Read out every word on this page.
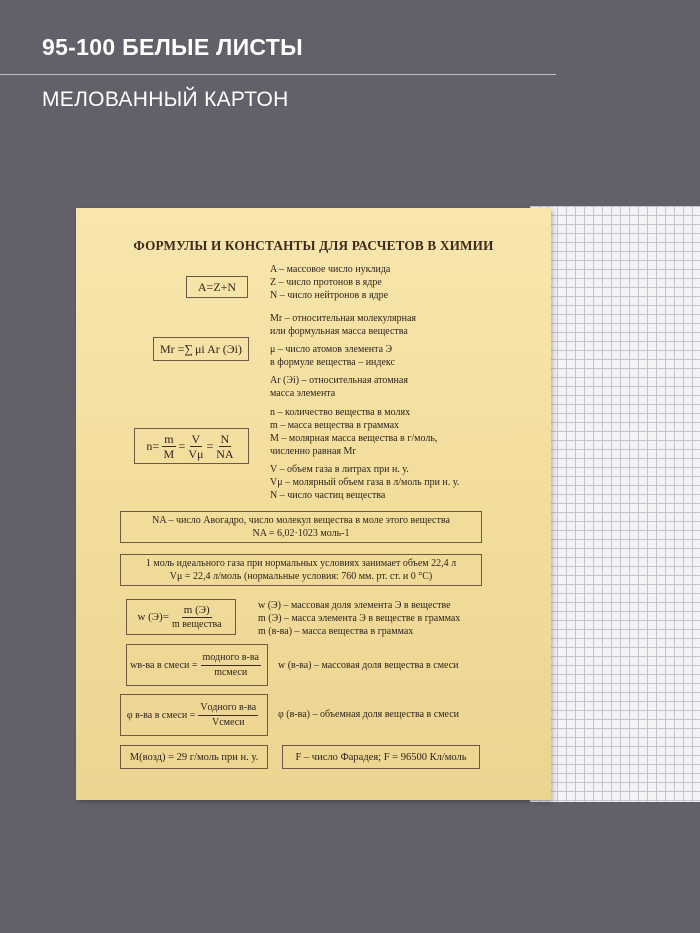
95-100 БЕЛЫЕ ЛИСТЫ
МЕЛОВАННЫЙ КАРТОН
ФОРМУЛЫ И КОНСТАНТЫ ДЛЯ РАСЧЕТОВ В ХИМИИ
A=Z+N
A – массовое число нуклида
Z – число протонов в ядре
N – число нейтронов в ядре
Mr =∑ μi Ar (Эi)
Mr – относительная молекулярная
или формульная масса вещества
μ – число атомов элемента Э
в формуле вещества – индекс
Ar (Эi) – относительная атомная
масса элемента
$n= \frac{m}{M} = \frac{V}{V\mu} = \frac{N}{NA}$
n – количество вещества в молях
m – масса вещества в граммах
M – молярная масса вещества в г/моль,
численно равная Mr
V – объем газа в литрах при н. у.
Vμ – молярный объем газа в л/моль при н. у.
N – число частиц вещества
NA – число Авогадро, число молекул вещества в моле этого вещества
NA = 6,02·1023 моль-1
1 моль идеального газа при нормальных условиях занимает объем 22,4 л
Vμ = 22,4 л/моль (нормальные условия: 760 мм. рт. ст. и 0 °С)
w $(Э)= \frac{m (Э)}{\text{m вещества}}$	w (Э) – массовая доля элемента Э в веществе
m (Э) – масса элемента Э в веществе в граммах
m (в-ва) – масса вещества в граммах
wв-ва в смеси = $\frac{\text{mодного в-ва}}{\text{mсмеси}}$ w (в-ва) – массовая доля вещества в смеси
φ в-ва в смеси = $\frac{\text{Vодного в-ва}}{\text{Vсмеси}}$ φ (в-ва) – объемная доля вещества в смеси
M(возд) = 29 г/моль при н. у.	F – число Фарадея; F = 96500 Кл/моль
